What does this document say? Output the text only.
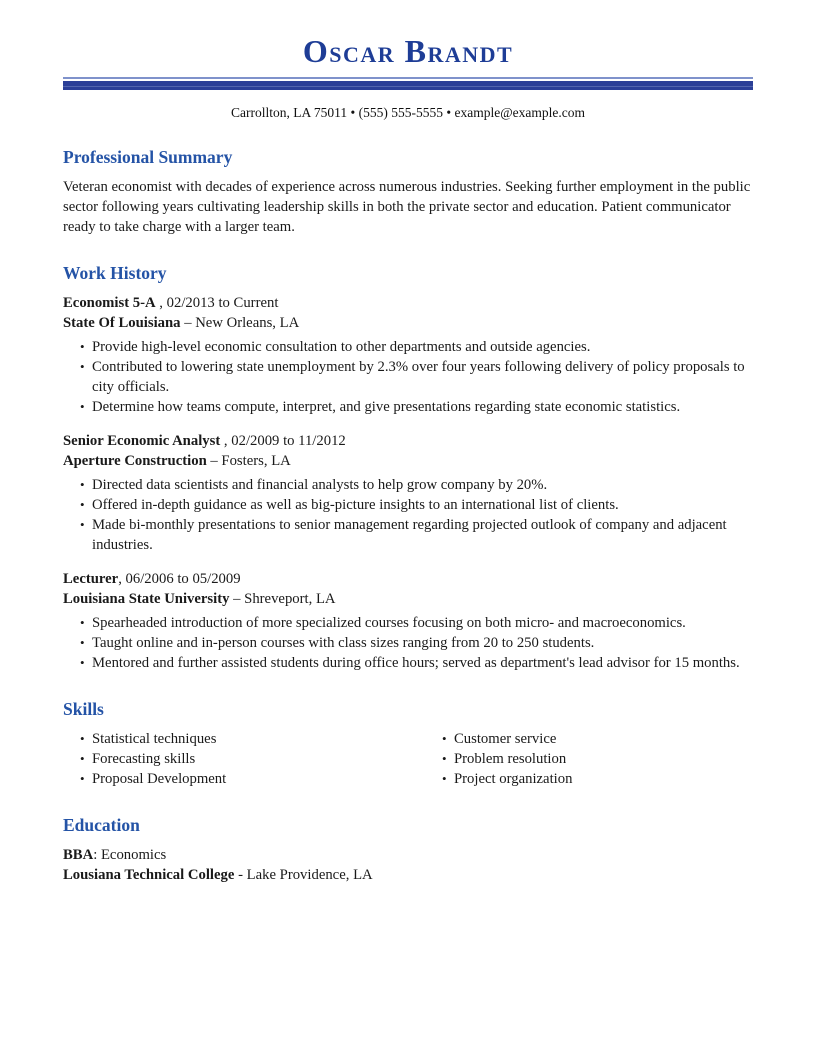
Oscar Brandt
Carrollton, LA 75011 • (555) 555-5555 • example@example.com
Professional Summary
Veteran economist with decades of experience across numerous industries. Seeking further employment in the public sector following years cultivating leadership skills in both the private sector and education. Patient communicator ready to take charge with a larger team.
Work History
Economist 5-A , 02/2013 to Current
State Of Louisiana – New Orleans, LA
• Provide high-level economic consultation to other departments and outside agencies.
• Contributed to lowering state unemployment by 2.3% over four years following delivery of policy proposals to city officials.
• Determine how teams compute, interpret, and give presentations regarding state economic statistics.
Senior Economic Analyst , 02/2009 to 11/2012
Aperture Construction – Fosters, LA
• Directed data scientists and financial analysts to help grow company by 20%.
• Offered in-depth guidance as well as big-picture insights to an international list of clients.
• Made bi-monthly presentations to senior management regarding projected outlook of company and adjacent industries.
Lecturer, 06/2006 to 05/2009
Louisiana State University – Shreveport, LA
• Spearheaded introduction of more specialized courses focusing on both micro- and macroeconomics.
• Taught online and in-person courses with class sizes ranging from 20 to 250 students.
• Mentored and further assisted students during office hours; served as department's lead advisor for 15 months.
Skills
• Statistical techniques
• Forecasting skills
• Proposal Development
• Customer service
• Problem resolution
• Project organization
Education
BBA: Economics
Lousiana Technical College - Lake Providence, LA
